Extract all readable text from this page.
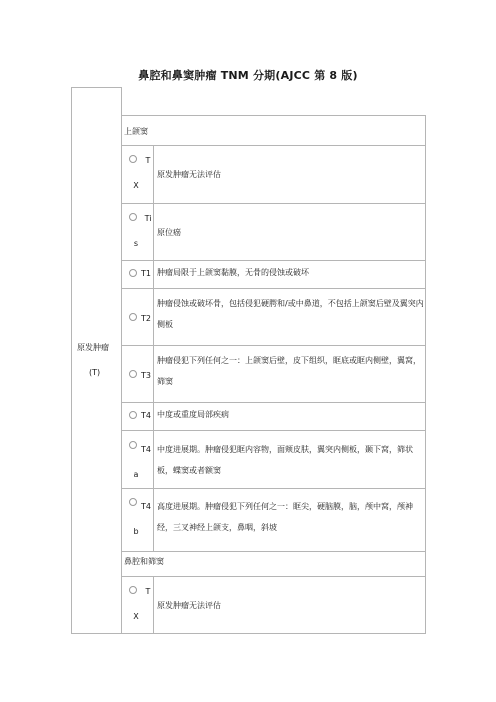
鼻腔和鼻窦肿瘤 TNM 分期(AJCC 第 8 版)
原发肿瘤
(T)
上颌窦
T
X
原发肿瘤无法评估
Ti
s
原位癌
T1 肿瘤局限于上颌窦黏膜，无骨的侵蚀或破坏
T2
肿瘤侵蚀或破坏骨，包括侵犯硬腭和/或中鼻道，不包括上颌窦后壁及翼突内侧板
T3
肿瘤侵犯下列任何之一：上颌窦后壁，皮下组织，眶底或眶内侧壁，翼窝，筛窦
T4 中度或重度局部疾病
T4
a
中度进展期。肿瘤侵犯眶内容物，面颊皮肤，翼突内侧板，颞下窝，筛状板，蝶窦或者额窦
T4
b
高度进展期。肿瘤侵犯下列任何之一：眶尖，硬脑膜，脑，颅中窝，颅神经，三叉神经上颌支，鼻咽，斜坡
鼻腔和筛窦
T
X
原发肿瘤无法评估
